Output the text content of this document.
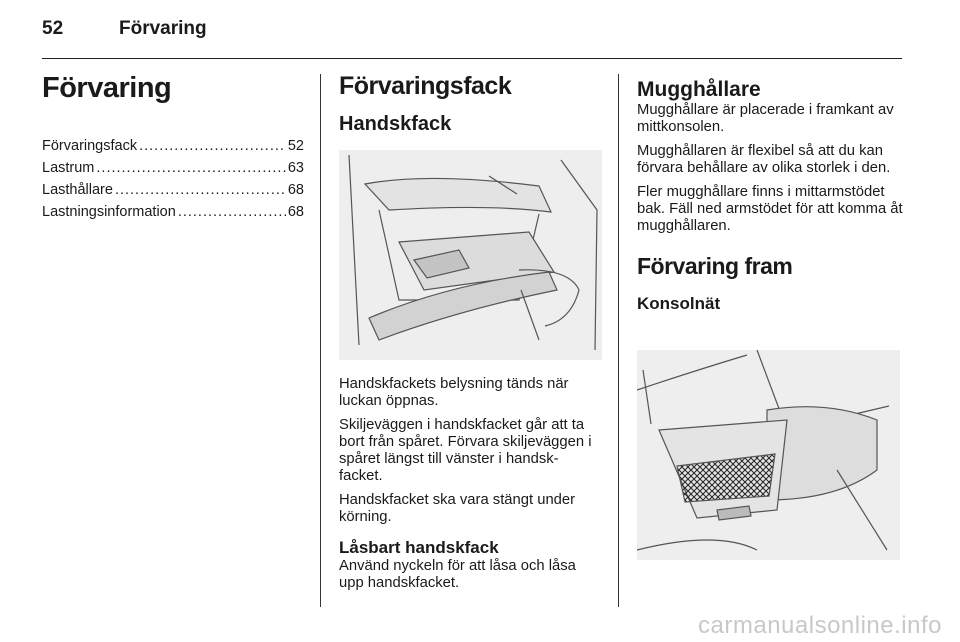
52	Förvaring
Förvaring
Förvaringsfack .....	52
Lastrum .....	63
Lasthållare .....	68
Lastningsinformation .....	68
Förvaringsfack
Handskfack

Handskfackets belysning tänds när luckan öppnas.

Skiljeväggen i handskfacket går att ta bort från spåret. Förvara skiljeväggen i spåret längst till vänster i handsk-facket.

Handskfacket ska vara stängt under körning.

Låsbart handskfack

Använd nyckeln för att låsa och låsa upp handskfacket.

Mugghållare

Mugghållare är placerade i framkant av mittkonsolen.

Mugghållaren är flexibel så att du kan förvara behållare av olika storlek i den.

Fler mugghållare finns i mittarmstödet bak. Fäll ned armstödet för att komma åt mugghållaren.

Förvaring fram
Konsolnät
carmanualsonline.info
